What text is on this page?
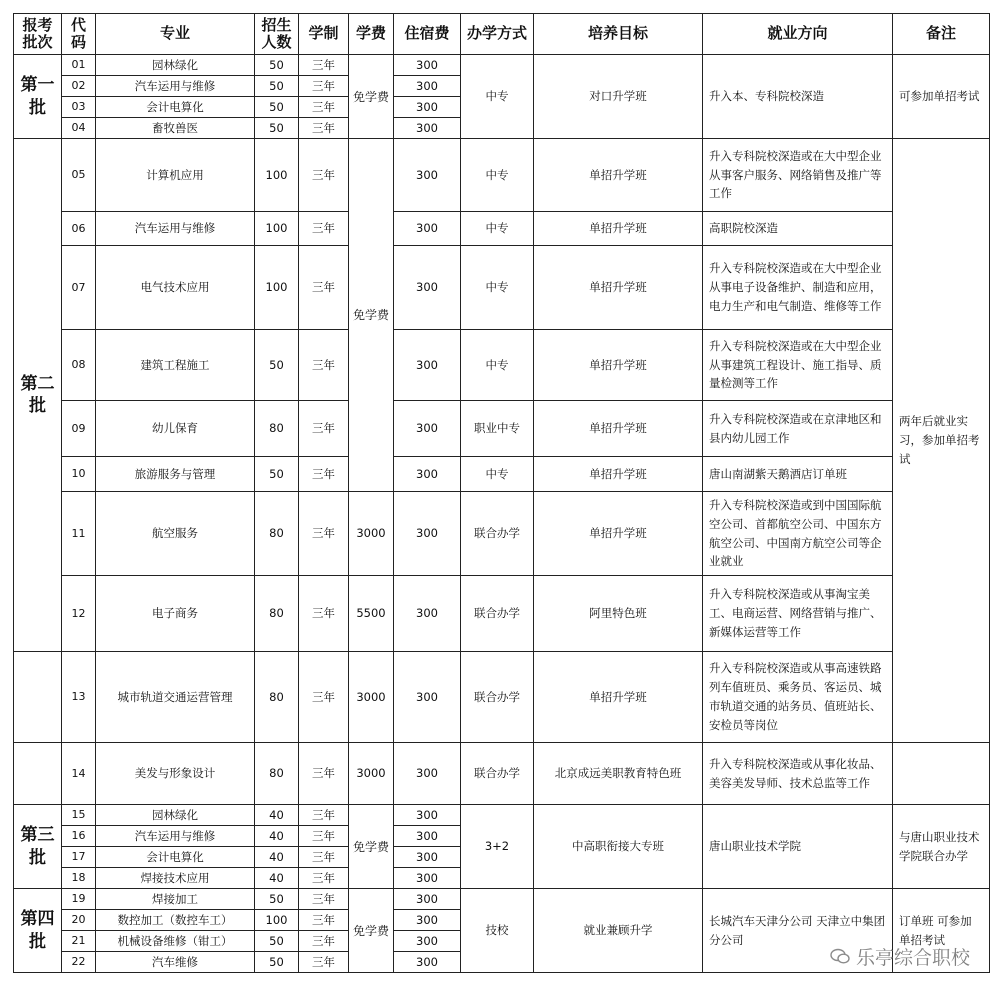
报考批次	代码	专业	招生人数	学制	学费	住宿费	办学方式	培养目标	就业方向	备注
第一批	01	园林绿化	50	三年	免学费	300	中专	对口升学班	升入本、专科院校深造	可参加单招考试
	02	汽车运用与维修	50	三年		300				
	03	会计电算化	50	三年		300				
	04	畜牧兽医	50	三年		300				
第二批	05	计算机应用	100	三年	免学费	300	中专	单招升学班	升入专科院校深造或在大中型企业从事客户服务、网络销售及推广等工作	两年后就业实习，参加单招考试
	06	汽车运用与维修	100	三年		300	中专	单招升学班	高职院校深造	
	07	电气技术应用	100	三年		300	中专	单招升学班	升入专科院校深造或在大中型企业从事电子设备维护、制造和应用，电力生产和电气制造、维修等工作	
	08	建筑工程施工	50	三年		300	中专	单招升学班	升入专科院校深造或在大中型企业从事建筑工程设计、施工指导、质量检测等工作	
	09	幼儿保育	80	三年		300	职业中专	单招升学班	升入专科院校深造或在京津地区和县内幼儿园工作	
	10	旅游服务与管理	50	三年		300	中专	单招升学班	唐山南湖紫天鹅酒店订单班	
	11	航空服务	80	三年	3000	300	联合办学	单招升学班	升入专科院校深造或到中国国际航空公司、首都航空公司、中国东方航空公司、中国南方航空公司等企业就业	
	12	电子商务	80	三年	5500	300	联合办学	阿里特色班	升入专科院校深造或从事淘宝美工、电商运营、网络营销与推广、新媒体运营等工作	
	13	城市轨道交通运营管理	80	三年	3000	300	联合办学	单招升学班	升入专科院校深造或从事高速铁路列车值班员、乘务员、客运员、城市轨道交通的站务员、值班站长、安检员等岗位	
	14	美发与形象设计	80	三年	3000	300	联合办学	北京成远美职教育特色班	升入专科院校深造或从事化妆品、美容美发导师、技术总监等工作	
第三批	15	园林绿化	40	三年	免学费	300	3+2	中高职衔接大专班	唐山职业技术学院	与唐山职业技术学院联合办学
	16	汽车运用与维修	40	三年		300				
	17	会计电算化	40	三年		300				
	18	焊接技术应用	40	三年		300				
第四批	19	焊接加工	50	三年	免学费	300	技校	就业兼顾升学	长城汽车天津分公司 天津立中集团分公司	订单班 可参加单招考试
	20	数控加工（数控车工）	100	三年		300				
	21	机械设备维修（钳工）	50	三年		300				
	22	汽车维修	50	三年		300					乐亭综合职校
